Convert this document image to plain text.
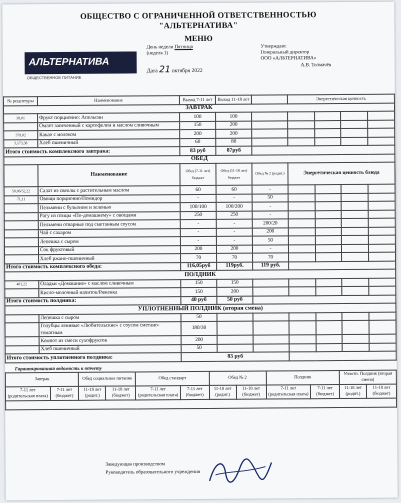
ОБЩЕСТВО С ОГРАНИЧЕННОЙ ОТВЕТСТВЕННОСТЬЮ
"АЛЬТЕРНАТИВА"
МЕНЮ
АЛЬТЕРНАТИВА
ОБЩЕСТВЕННОЕ ПИТАНИЕ
День недели Пятница
(неделя 1)
Дата 21 октября 2022
Утверждаю:
Генеральный директор
ООО «АЛЬТЕРНАТИВА»
А.В. Толмачёв
№ рецептуры	Наименование	Выход 7-11 лет	Выход 11-18 лет		Энергетическая ценность			
ЗАВТРАК								
38,01	Фрукт порционно: Апельсин	100	100					
	Омлет запеченный с картофелем и маслом сливочным	150	200					
379,02	Какао с молоком	200	200					
3,173,38	Хлеб пшеничный	60	80					
Итого стоимость комплексного завтрака:		83 руб	87руб					
ОБЕД								
	Наименование	Обед (7-11 лет) бюджет	Обед (11-18 лет) бюджет	Обед № 2 (родит.)	Энергетическая ценность блюда			
50,06/52,22	Салат из свеклы с растительным маслом	60	60	-				
71,11	Овощи порционно/Помидор	-	-	50				
	Пельмени с бульоном и зеленью	100/100	100/200	-				
	Рагу из птицы «По-домашнему» с овощами	250	250	-				
	Пельмени отварные под сметанным соусом	-	-	200/20				
	Чай с сахаром	-	-	200				
	Лепешка с сыром	-	-	50				
	Сок фруктовый	200	200	-				
	Хлеб ржано-пшеничный	70	70	70				
Итого стоимость комплексного обеда:		116,05руб	119руб.	119 руб.				
ПОЛДНИК								
401,22	Оладьи «Домашние» с маслом сливочным	150	150					
	Кисло-молочный напиток/Ряженка	150	200					
Итого стоимость полдника:		40 руб	50 руб					
УПЛОТНЕННЫЙ ПОЛДНИК (вторая смена)								
	Лепешка с сыром	50						
	Голубцы ленивые «Любительские» с соусом сметано-томатным	180/30						
	Компот из смеси сухофруктов	200						
	Хлеб пшеничный	50						
Итого стоимость уплотненного полдника:		83 руб						
Гарантированная ведомость к отчету
Завтрак		Обед социальное питание		Обед стандарт		Обед № 2		Полдник		Уплотн. Полдник (вторая смена)	
7-11 лет (родительская плата)	7-11 лет (бюджет)	11-18 лет (родит.)	11-18 лет (бюджет)	7-11 лет (родительская плата)	7-11 лет (бюджет)	11-18 лет (родит.)	11-18 лет (бюджет)	7-11 лет (родительская плата)	7-11 лет (бюджет)	11-18 лет (родит.)	11-18 лет (бюджет)

Заведующая производством
Руководитель образовательного учреждения
